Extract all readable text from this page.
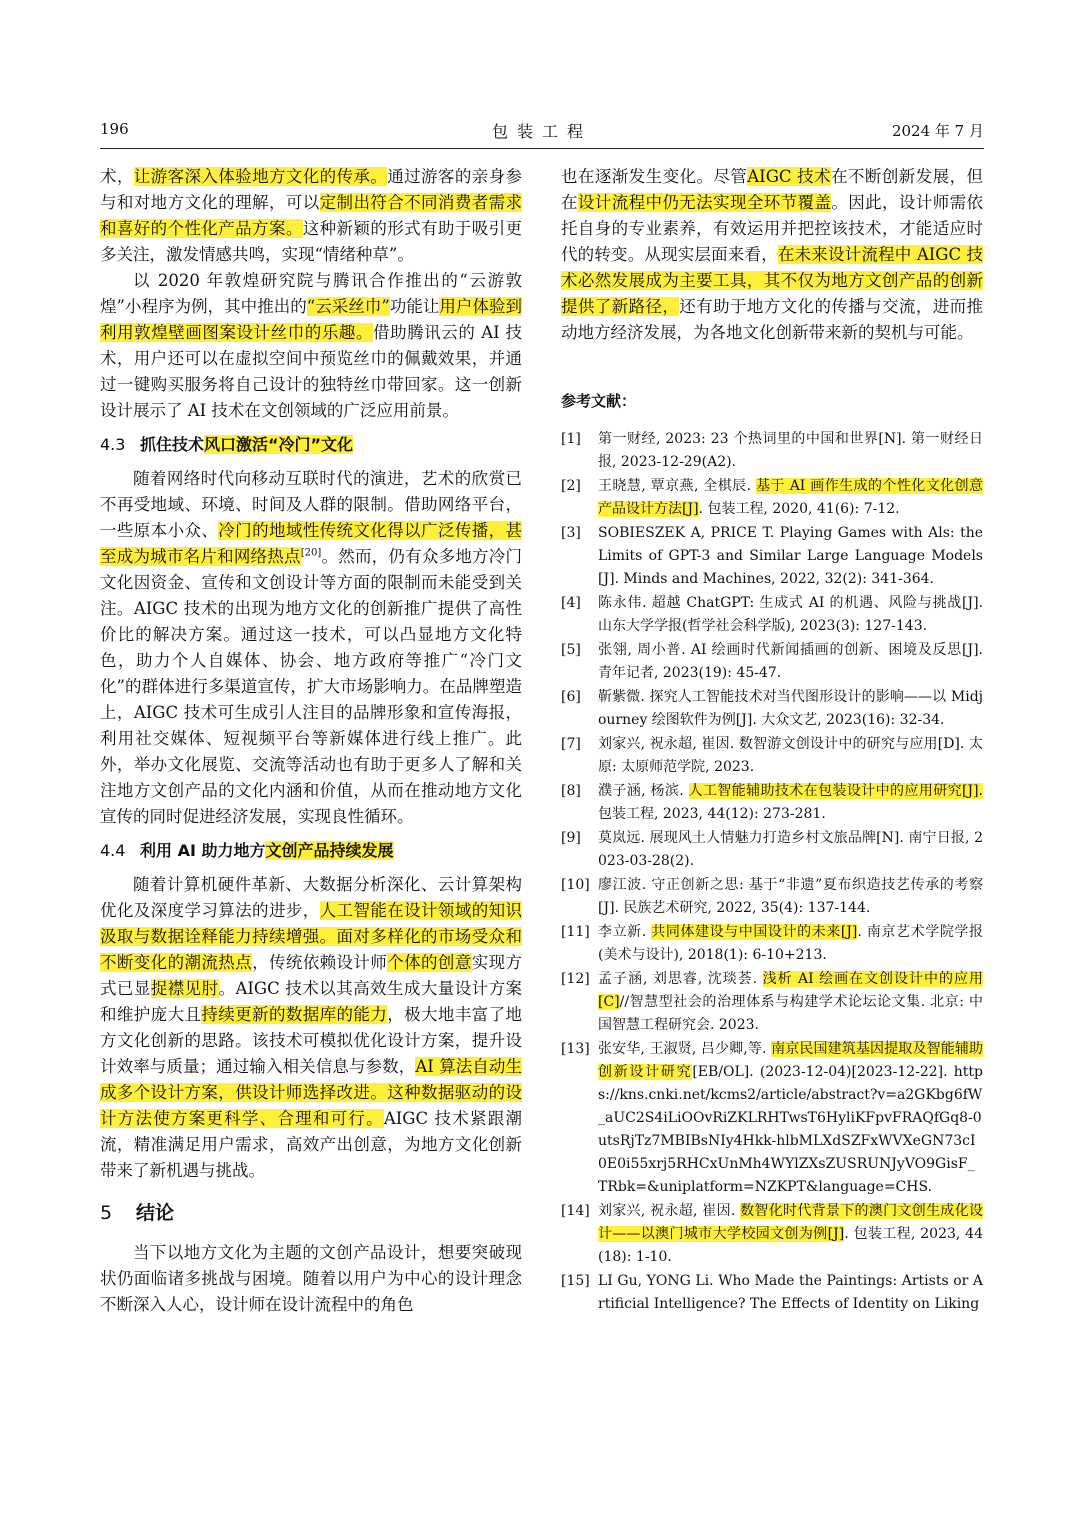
196	包装工程	2024 年 7 月

术，让游客深入体验地方文化的传承。通过游客的亲身参与和对地方文化的理解，可以定制出符合不同消费者需求和喜好的个性化产品方案。这种新颖的形式有助于吸引更多关注，激发情感共鸣，实现“情绪种草”。

以 2020 年敦煌研究院与腾讯合作推出的“云游敦煌”小程序为例，其中推出的“云采丝巾”功能让用户体验到利用敦煌壁画图案设计丝巾的乐趣。借助腾讯云的 AI 技术，用户还可以在虚拟空间中预览丝巾的佩戴效果，并通过一键购买服务将自己设计的独特丝巾带回家。这一创新设计展示了 AI 技术在文创领域的广泛应用前景。

4.3 抓住技术风口激活“冷门”文化

随着网络时代向移动互联时代的演进，艺术的欣赏已不再受地域、环境、时间及人群的限制。借助网络平台，一些原本小众、冷门的地域性传统文化得以广泛传播，甚至成为城市名片和网络热点[20]。然而，仍有众多地方冷门文化因资金、宣传和文创设计等方面的限制而未能受到关注。AIGC 技术的出现为地方文化的创新推广提供了高性价比的解决方案。通过这一技术，可以凸显地方文化特色，助力个人自媒体、协会、地方政府等推广“冷门文化”的群体进行多渠道宣传，扩大市场影响力。在品牌塑造上，AIGC 技术可生成引人注目的品牌形象和宣传海报，利用社交媒体、短视频平台等新媒体进行线上推广。此外，举办文化展览、交流等活动也有助于更多人了解和关注地方文创产品的文化内涵和价值，从而在推动地方文化宣传的同时促进经济发展，实现良性循环。

4.4 利用 AI 助力地方文创产品持续发展

随着计算机硬件革新、大数据分析深化、云计算架构优化及深度学习算法的进步，人工智能在设计领域的知识汲取与数据诠释能力持续增强。面对多样化的市场受众和不断变化的潮流热点，传统依赖设计师个体的创意实现方式已显捉襟见肘。AIGC 技术以其高效生成大量设计方案和维护庞大且持续更新的数据库的能力，极大地丰富了地方文化创新的思路。该技术可模拟优化设计方案，提升设计效率与质量；通过输入相关信息与参数，AI 算法自动生成多个设计方案，供设计师选择改进。这种数据驱动的设计方法使方案更科学、合理和可行。AIGC 技术紧跟潮流，精准满足用户需求，高效产出创意，为地方文化创新带来了新机遇与挑战。

5 结论

当下以地方文化为主题的文创产品设计，想要突破现状仍面临诸多挑战与困境。随着以用户为中心的设计理念不断深入人心，设计师在设计流程中的角色

也在逐渐发生变化。尽管AIGC 技术在不断创新发展，但在设计流程中仍无法实现全环节覆盖。因此，设计师需依托自身的专业素养，有效运用并把控该技术，才能适应时代的转变。从现实层面来看，在未来设计流程中 AIGC 技术必然发展成为主要工具，其不仅为地方文创产品的创新提供了新路径，还有助于地方文化的传播与交流，进而推动地方经济发展，为各地文化创新带来新的契机与可能。

参考文献：
[1]	第一财经, 2023: 23 个热词里的中国和世界[N]. 第一财经日报, 2023-12-29(A2).
[2]	王晓慧, 覃京燕, 全棋辰. 基于 AI 画作生成的个性化文化创意产品设计方法[J]. 包装工程, 2020, 41(6): 7-12.
[3]	SOBIESZEK A, PRICE T. Playing Games with Als: the Limits of GPT-3 and Similar Large Language Models[J]. Minds and Machines, 2022, 32(2): 341-364.
[4]	陈永伟. 超越 ChatGPT: 生成式 AI 的机遇、风险与挑战[J]. 山东大学学报(哲学社会科学版), 2023(3): 127-143.
[5]	张翎, 周小普. AI 绘画时代新闻插画的创新、困境及反思[J]. 青年记者, 2023(19): 45-47.
[6]	靳紫微. 探究人工智能技术对当代图形设计的影响——以 Midjourney 绘图软件为例[J]. 大众文艺, 2023(16): 32-34.
[7]	刘家兴, 祝永超, 崔因. 数智游文创设计中的研究与应用[D]. 太原: 太原师范学院, 2023.
[8]	濮子涵, 杨滨. 人工智能辅助技术在包装设计中的应用研究[J]. 包装工程, 2023, 44(12): 273-281.
[9]	莫岚远. 展现风土人情魅力打造乡村文旅品牌[N]. 南宁日报, 2023-03-28(2).
[10] 廖江波. 守正创新之思: 基于“非遗”夏布织造技艺传承的考察[J]. 民族艺术研究, 2022, 35(4): 137-144.
[11] 李立新. 共同体建设与中国设计的未来[J]. 南京艺术学院学报(美术与设计), 2018(1): 6-10+213.
[12] 孟子涵, 刘思睿, 沈琰荟. 浅析 AI 绘画在文创设计中的应用[C]//智慧型社会的治理体系与构建学术论坛论文集. 北京: 中国智慧工程研究会. 2023.
[13] 张安华, 王淑贤, 吕少卿,等. 南京民国建筑基因提取及智能辅助创新设计研究[EB/OL]. (2023-12-04)[2023-12-22]. https://kns.cnki.net/kcms2/article/abstract?v=a2GKbg6fW_aUC2S4iLiOOvRiZKLRHTwsT6HyliKFpvFRAQfGq8-0utsRjTz7MBIBsNIy4Hkk-hlbMLXdSZFxWVXeGN73cI0E0i55xrj5RHCxUnMh4WYlZXsZUSRUNJyVO9GisF_TRbk=&uniplatform=NZKPT&language=CHS.
[14] 刘家兴, 祝永超, 崔因. 数智化时代背景下的澳门文创生成化设计——以澳门城市大学校园文创为例[J]. 包装工程, 2023, 44(18): 1-10.
[15] LI Gu, YONG Li. Who Made the Paintings: Artists or Artificial Intelligence? The Effects of Identity on Liking
